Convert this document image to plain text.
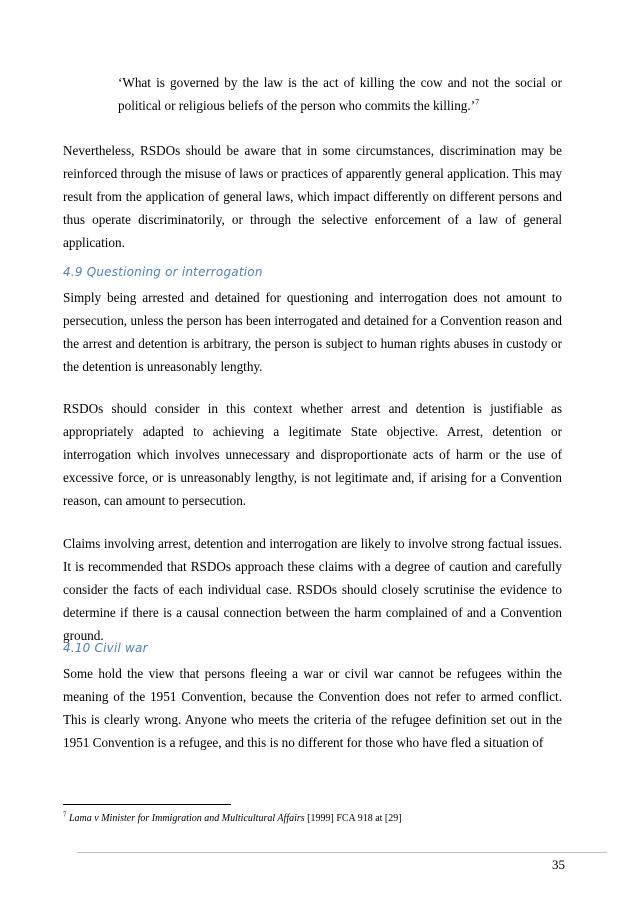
‘What is governed by the law is the act of killing the cow and not the social or political or religious beliefs of the person who commits the killing.’$^7$

Nevertheless, RSDOs should be aware that in some circumstances, discrimination may be reinforced through the misuse of laws or practices of apparently general application. This may result from the application of general laws, which impact differently on different persons and thus operate discriminatorily, or through the selective enforcement of a law of general application.

4.9 Questioning or interrogation

Simply being arrested and detained for questioning and interrogation does not amount to persecution, unless the person has been interrogated and detained for a Convention reason and the arrest and detention is arbitrary, the person is subject to human rights abuses in custody or the detention is unreasonably lengthy.

RSDOs should consider in this context whether arrest and detention is justifiable as appropriately adapted to achieving a legitimate State objective. Arrest, detention or interrogation which involves unnecessary and disproportionate acts of harm or the use of excessive force, or is unreasonably lengthy, is not legitimate and, if arising for a Convention reason, can amount to persecution.

Claims involving arrest, detention and interrogation are likely to involve strong factual issues. It is recommended that RSDOs approach these claims with a degree of caution and carefully consider the facts of each individual case. RSDOs should closely scrutinise the evidence to determine if there is a causal connection between the harm complained of and a Convention ground.

4.10 Civil war

Some hold the view that persons fleeing a war or civil war cannot be refugees within the meaning of the 1951 Convention, because the Convention does not refer to armed conflict. This is clearly wrong. Anyone who meets the criteria of the refugee definition set out in the 1951 Convention is a refugee, and this is no different for those who have fled a situation of

$^7$ Lama v Minister for Immigration and Multicultural Affairs [1999] FCA 918 at [29]

35
